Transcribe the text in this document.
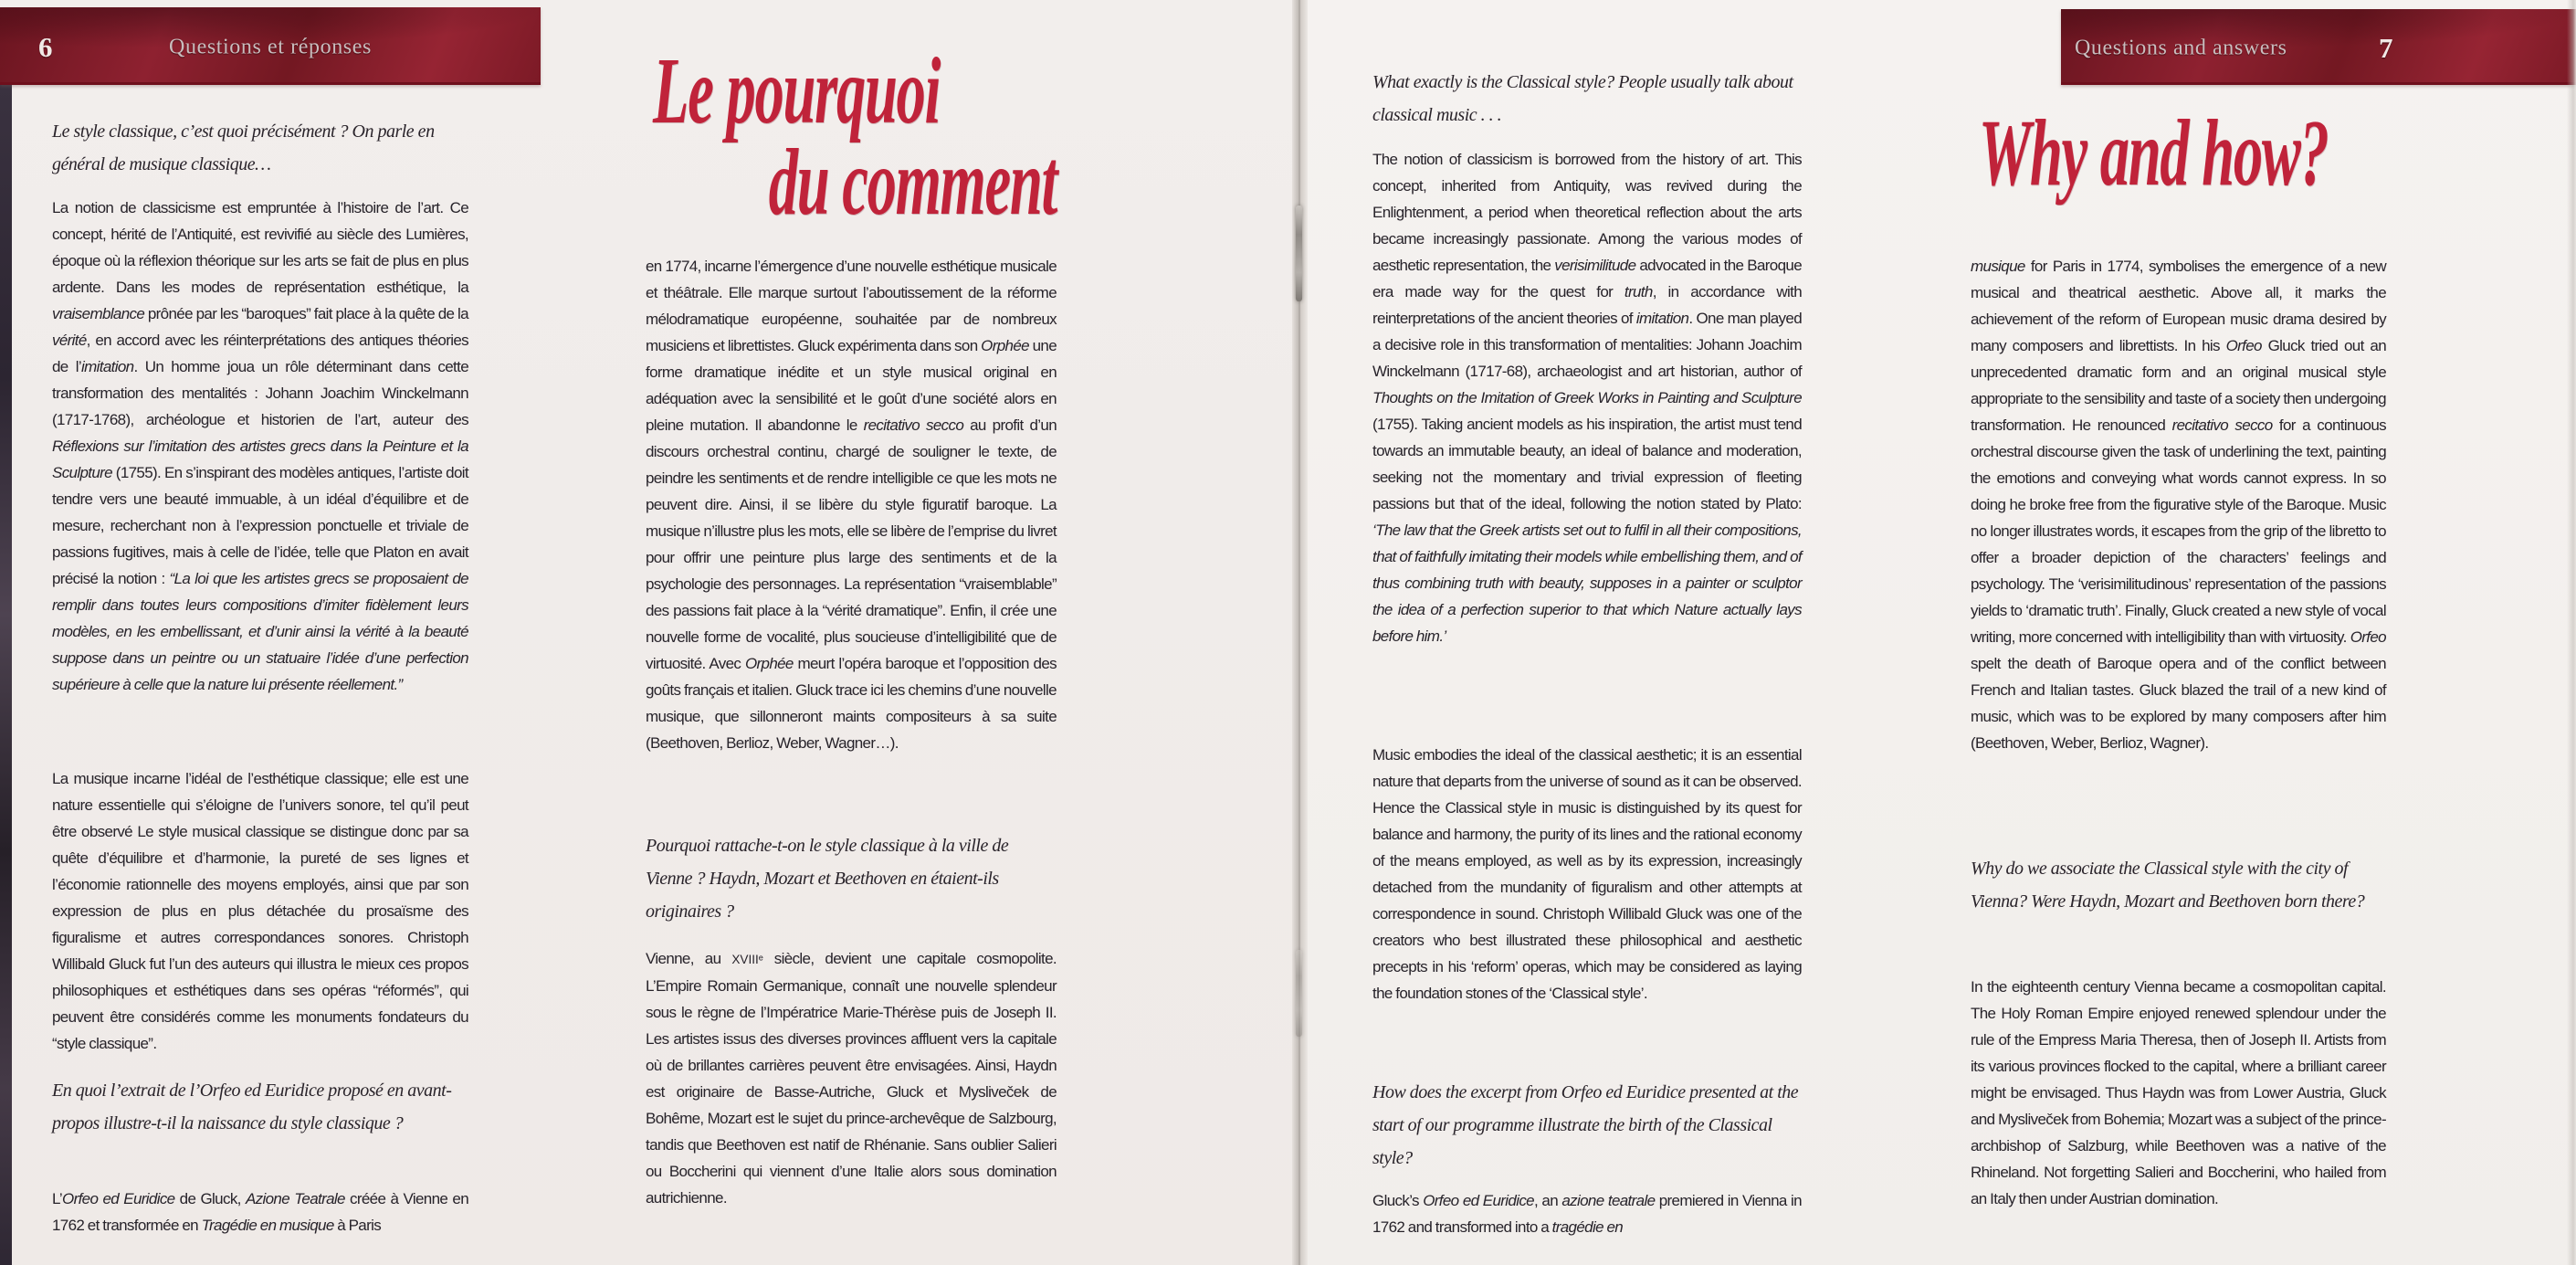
6	Questions et réponses
Le style classique, c’est quoi précisément ? On parle en général de musique classique…

La notion de classicisme est empruntée à l’histoire de l’art. Ce concept, hérité de l’Antiquité, est revivifié au siècle des Lumières, époque où la réflexion théorique sur les arts se fait de plus en plus ardente. Dans les modes de représentation esthétique, la vraisemblance prônée par les “baroques” fait place à la quête de la vérité, en accord avec les réinterprétations des antiques théories de l’imitation. Un homme joua un rôle déterminant dans cette transformation des mentalités : Johann Joachim Winckelmann (1717-1768), archéologue et historien de l’art, auteur des Réflexions sur l’imitation des artistes grecs dans la Peinture et la Sculpture (1755). En s’inspirant des modèles antiques, l’artiste doit tendre vers une beauté immuable, à un idéal d’équilibre et de mesure, recherchant non à l’expression ponctuelle et triviale de passions fugitives, mais à celle de l’idée, telle que Platon en avait précisé la notion : “La loi que les artistes grecs se proposaient de remplir dans toutes leurs compositions d’imiter fidèlement leurs modèles, en les embellissant, et d’unir ainsi la vérité à la beauté suppose dans un peintre ou un statuaire l’idée d’une perfection supérieure à celle que la nature lui présente réellement.”

La musique incarne l’idéal de l’esthétique classique; elle est une nature essentielle qui s’éloigne de l’univers sonore, tel qu’il peut être observé Le style musical classique se distingue donc par sa quête d’équilibre et d’harmonie, la pureté de ses lignes et l’économie rationnelle des moyens employés, ainsi que par son expression de plus en plus détachée du prosaïsme des figuralisme et autres correspondances sonores. Christoph Willibald Gluck fut l’un des auteurs qui illustra le mieux ces propos philosophiques et esthétiques dans ses opéras “réformés”, qui peuvent être considérés comme les monuments fondateurs du “style classique”.

En quoi l’extrait de l’Orfeo ed Euridice proposé en avant-propos illustre-t-il la naissance du style classique ?

L’Orfeo ed Euridice de Gluck, Azione Teatrale créée à Vienne en 1762 et transformée en Tragédie en musique à Paris

Le pourquoi
du comment

en 1774, incarne l’émergence d’une nouvelle esthétique musicale et théâtrale. Elle marque surtout l’aboutissement de la réforme mélodramatique européenne, souhaitée par de nombreux musiciens et librettistes. Gluck expérimenta dans son Orphée une forme dramatique inédite et un style musical original en adéquation avec la sensibilité et le goût d’une société alors en pleine mutation. Il abandonne le recitativo secco au profit d’un discours orchestral continu, chargé de souligner le texte, de peindre les sentiments et de rendre intelligible ce que les mots ne peuvent dire. Ainsi, il se libère du style figuratif baroque. La musique n’illustre plus les mots, elle se libère de l’emprise du livret pour offrir une peinture plus large des sentiments et de la psychologie des personnages. La représentation “vraisemblable” des passions fait place à la “vérité dramatique”. Enfin, il crée une nouvelle forme de vocalité, plus soucieuse d’intelligibilité que de virtuosité. Avec Orphée meurt l’opéra baroque et l’opposition des goûts français et italien. Gluck trace ici les chemins d’une nouvelle musique, que sillonneront maints compositeurs à sa suite (Beethoven, Berlioz, Weber, Wagner…).

Pourquoi rattache-t-on le style classique à la ville de Vienne ? Haydn, Mozart et Beethoven en étaient-ils originaires ?

Vienne, au XVIIIᵉ siècle, devient une capitale cosmopolite. L’Empire Romain Germanique, connaît une nouvelle splendeur sous le règne de l’Impératrice Marie-Thérèse puis de Joseph II. Les artistes issus des diverses provinces affluent vers la capitale où de brillantes carrières peuvent être envisagées. Ainsi, Haydn est originaire de Basse-Autriche, Gluck et Mysliveček de Bohême, Mozart est le sujet du prince-archevêque de Salzbourg, tandis que Beethoven est natif de Rhénanie. Sans oublier Salieri ou Boccherini qui viennent d’une Italie alors sous domination autrichienne.

Questions and answers	7
What exactly is the Classical style? People usually talk about classical music . . .

The notion of classicism is borrowed from the history of art. This concept, inherited from Antiquity, was revived during the Enlightenment, a period when theoretical reflection about the arts became increasingly passionate. Among the various modes of aesthetic representation, the verisimilitude advocated in the Baroque era made way for the quest for truth, in accordance with reinterpretations of the ancient theories of imitation. One man played a decisive role in this transformation of mentalities: Johann Joachim Winckelmann (1717-68), archaeologist and art historian, author of Thoughts on the Imitation of Greek Works in Painting and Sculpture (1755). Taking ancient models as his inspiration, the artist must tend towards an immutable beauty, an ideal of balance and moderation, seeking not the momentary and trivial expression of fleeting passions but that of the ideal, following the notion stated by Plato: ‘The law that the Greek artists set out to fulfil in all their compositions, that of faithfully imitating their models while embellishing them, and of thus combining truth with beauty, supposes in a painter or sculptor the idea of a perfection superior to that which Nature actually lays before him.’

Music embodies the ideal of the classical aesthetic; it is an essential nature that departs from the universe of sound as it can be observed. Hence the Classical style in music is distinguished by its quest for balance and harmony, the purity of its lines and the rational economy of the means employed, as well as by its expression, increasingly detached from the mundanity of figuralism and other attempts at correspondence in sound. Christoph Willibald Gluck was one of the creators who best illustrated these philosophical and aesthetic precepts in his ‘reform’ operas, which may be considered as laying the foundation stones of the ‘Classical style’.

How does the excerpt from Orfeo ed Euridice presented at the start of our programme illustrate the birth of the Classical style?

Gluck’s Orfeo ed Euridice, an azione teatrale premiered in Vienna in 1762 and transformed into a tragédie en

Why and how?

musique for Paris in 1774, symbolises the emergence of a new musical and theatrical aesthetic. Above all, it marks the achievement of the reform of European music drama desired by many composers and librettists. In his Orfeo Gluck tried out an unprecedented dramatic form and an original musical style appropriate to the sensibility and taste of a society then undergoing transformation. He renounced recitativo secco for a continuous orchestral discourse given the task of underlining the text, painting the emotions and conveying what words cannot express. In so doing he broke free from the figurative style of the Baroque. Music no longer illustrates words, it escapes from the grip of the libretto to offer a broader depiction of the characters’ feelings and psychology. The ‘verisimilitudinous’ representation of the passions yields to ‘dramatic truth’. Finally, Gluck created a new style of vocal writing, more concerned with intelligibility than with virtuosity. Orfeo spelt the death of Baroque opera and of the conflict between French and Italian tastes. Gluck blazed the trail of a new kind of music, which was to be explored by many composers after him (Beethoven, Weber, Berlioz, Wagner).

Why do we associate the Classical style with the city of Vienna? Were Haydn, Mozart and Beethoven born there?

In the eighteenth century Vienna became a cosmopolitan capital. The Holy Roman Empire enjoyed renewed splendour under the rule of the Empress Maria Theresa, then of Joseph II. Artists from its various provinces flocked to the capital, where a brilliant career might be envisaged. Thus Haydn was from Lower Austria, Gluck and Mysliveček from Bohemia; Mozart was a subject of the prince-archbishop of Salzburg, while Beethoven was a native of the Rhineland. Not forgetting Salieri and Boccherini, who hailed from an Italy then under Austrian domination.
